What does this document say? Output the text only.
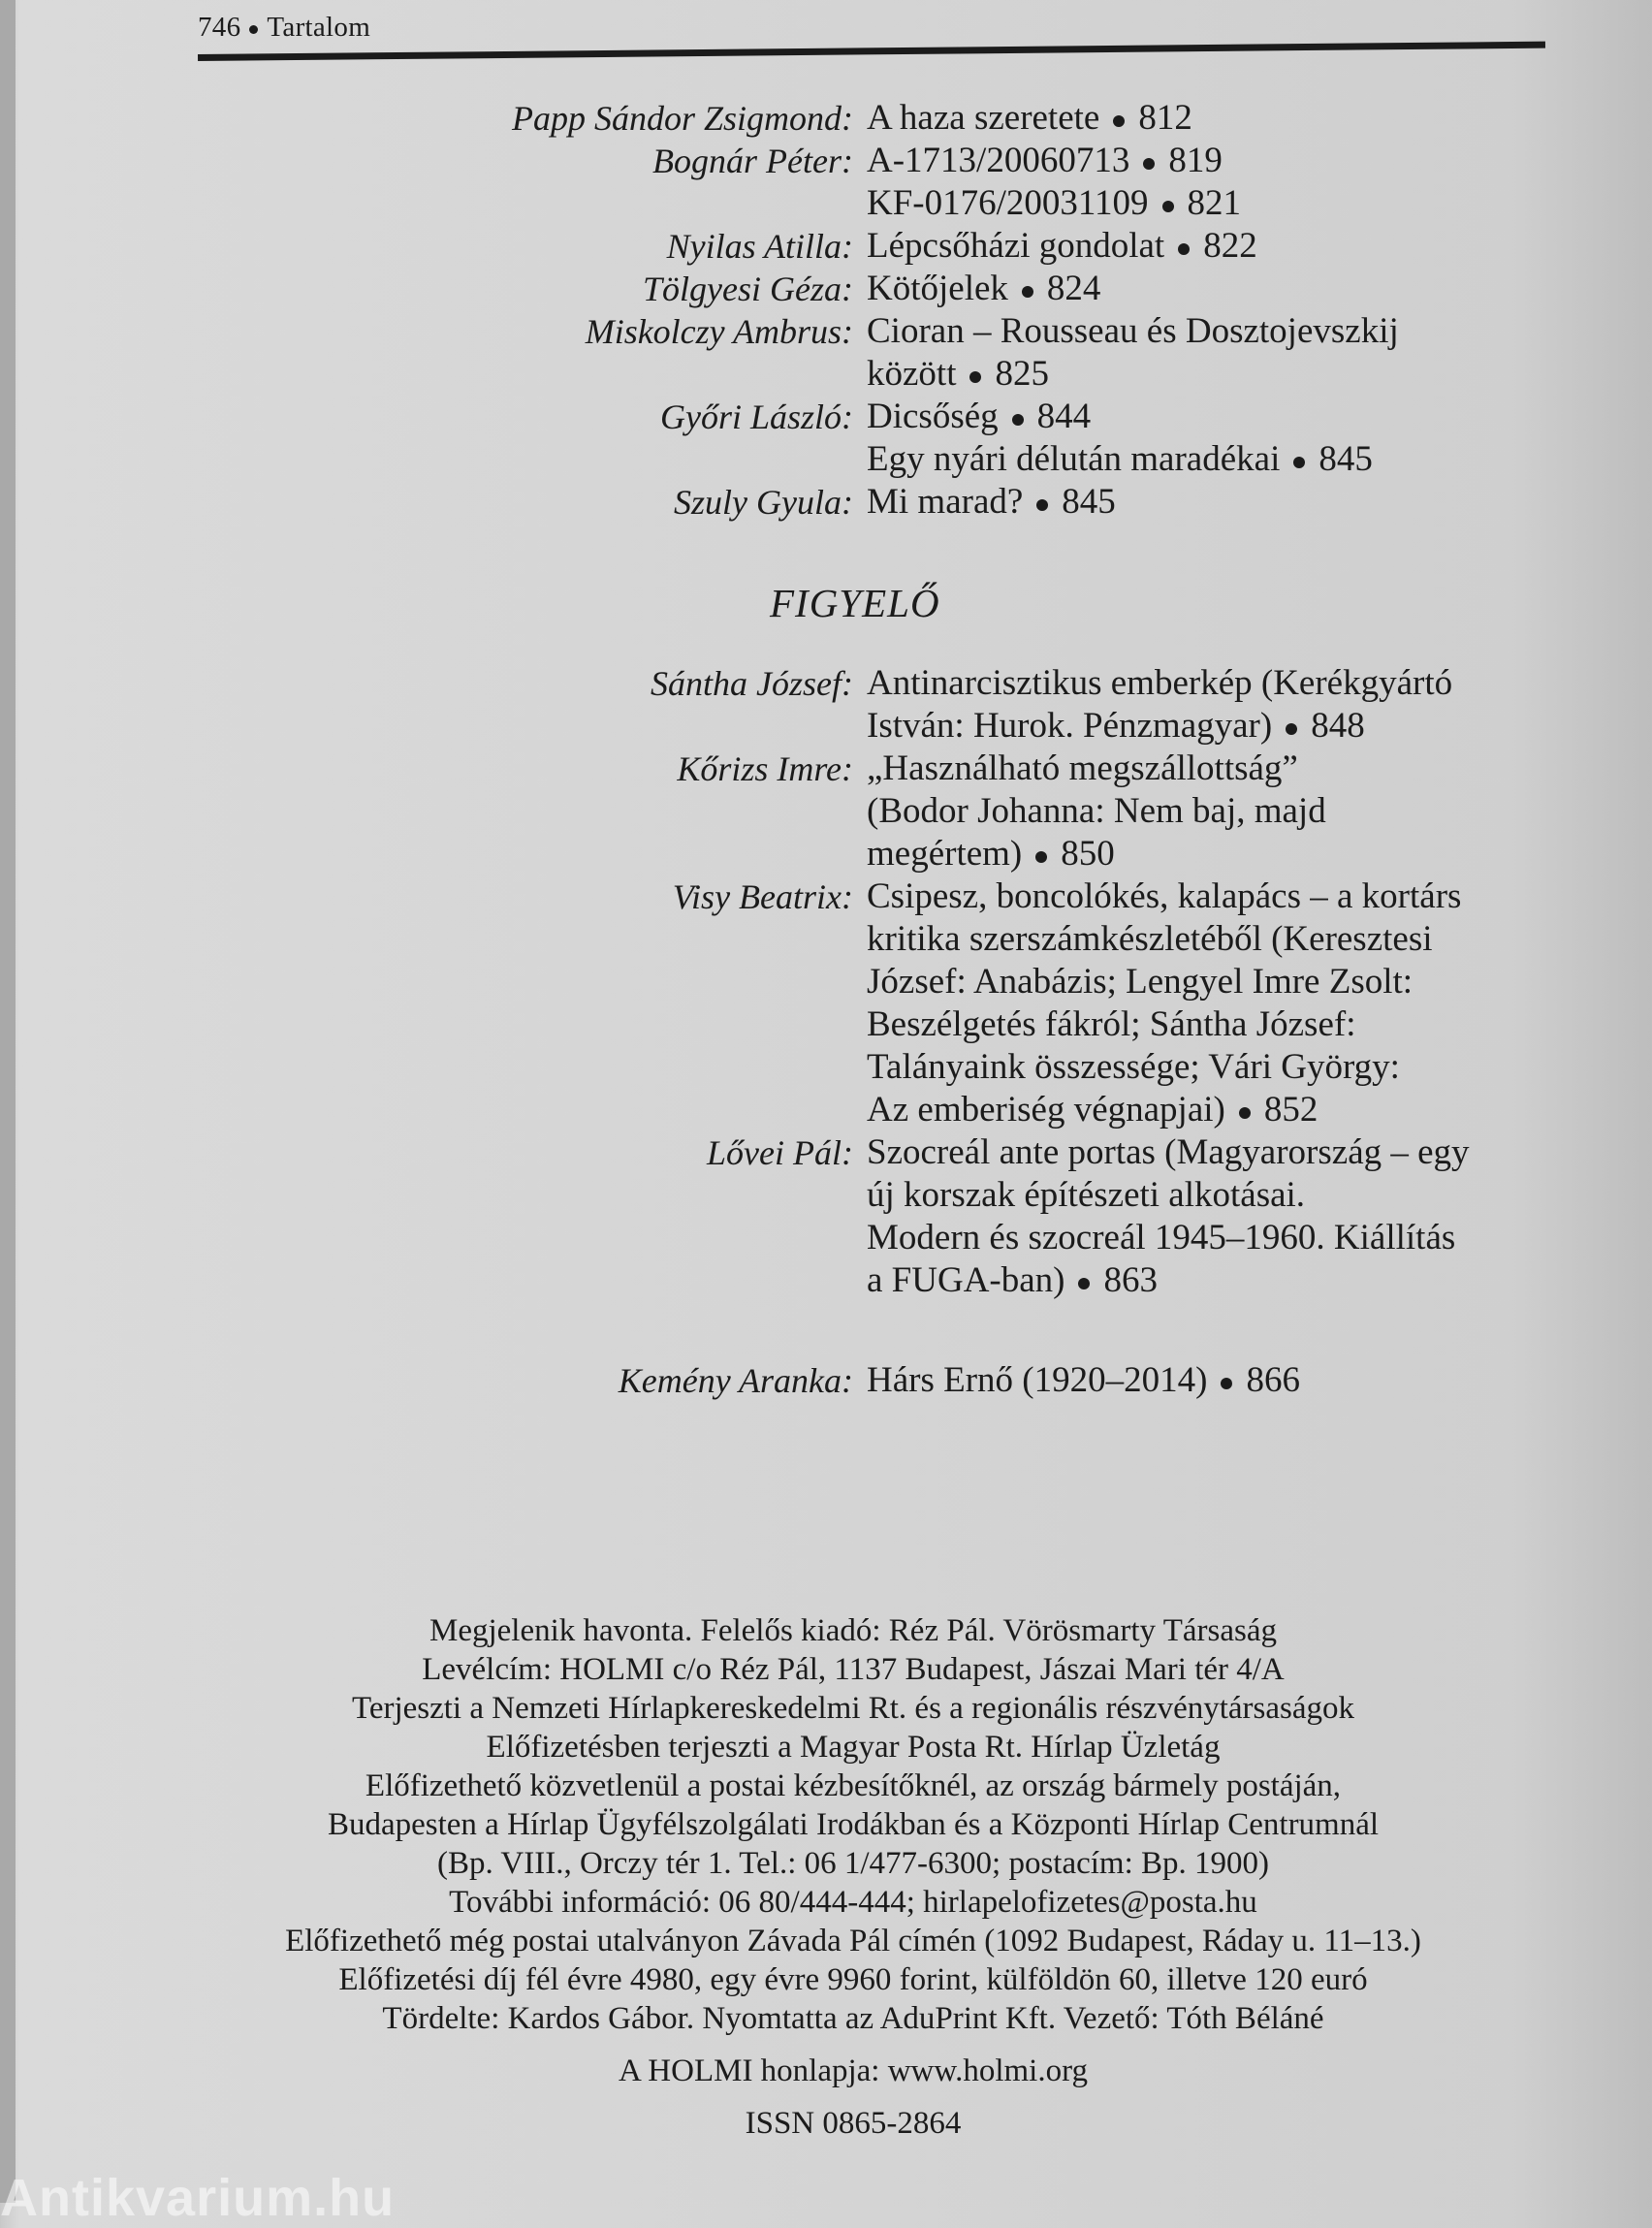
746 Tartalom
Papp Sándor Zsigmond: A haza szeretete 812
Bognár Péter: A-1713/20060713 819
KF-0176/20031109 821
Nyilas Atilla: Lépcsőházi gondolat 822
Tölgyesi Géza: Kötőjelek 824
Miskolczy Ambrus: Cioran – Rousseau és Dosztojevszkij
között 825
Győri László: Dicsőség 844
Egy nyári délután maradékai 845
Szuly Gyula: Mi marad? 845
FIGYELŐ
Sántha József: Antinarcisztikus emberkép (Kerékgyártó
István: Hurok. Pénzmagyar) 848
Kőrizs Imre: „Használható megszállottság”
(Bodor Johanna: Nem baj, majd
megértem) 850
Visy Beatrix: Csipesz, boncolókés, kalapács – a kortárs
kritika szerszámkészletéből (Keresztesi
József: Anabázis; Lengyel Imre Zsolt:
Beszélgetés fákról; Sántha József:
Talányaink összessége; Vári György:
Az emberiség végnapjai) 852
Lővei Pál: Szocreál ante portas (Magyarország – egy
új korszak építészeti alkotásai.
Modern és szocreál 1945–1960. Kiállítás
a FUGA-ban) 863
Kemény Aranka: Hárs Ernő (1920–2014) 866
Megjelenik havonta. Felelős kiadó: Réz Pál. Vörösmarty Társaság
Levélcím: HOLMI c/o Réz Pál, 1137 Budapest, Jászai Mari tér 4/A
Terjeszti a Nemzeti Hírlapkereskedelmi Rt. és a regionális részvénytársaságok
Előfizetésben terjeszti a Magyar Posta Rt. Hírlap Üzletág
Előfizethető közvetlenül a postai kézbesítőknél, az ország bármely postáján,
Budapesten a Hírlap Ügyfélszolgálati Irodákban és a Központi Hírlap Centrumnál
(Bp. VIII., Orczy tér 1. Tel.: 06 1/477-6300; postacím: Bp. 1900)
További információ: 06 80/444-444; hirlapelofizetes@posta.hu
Előfizethető még postai utalványon Závada Pál címén (1092 Budapest, Ráday u. 11–13.)
Előfizetési díj fél évre 4980, egy évre 9960 forint, külföldön 60, illetve 120 euró
Tördelte: Kardos Gábor. Nyomtatta az AduPrint Kft. Vezető: Tóth Béláné
A HOLMI honlapja: www.holmi.org
ISSN 0865-2864
Antikvarium.hu
